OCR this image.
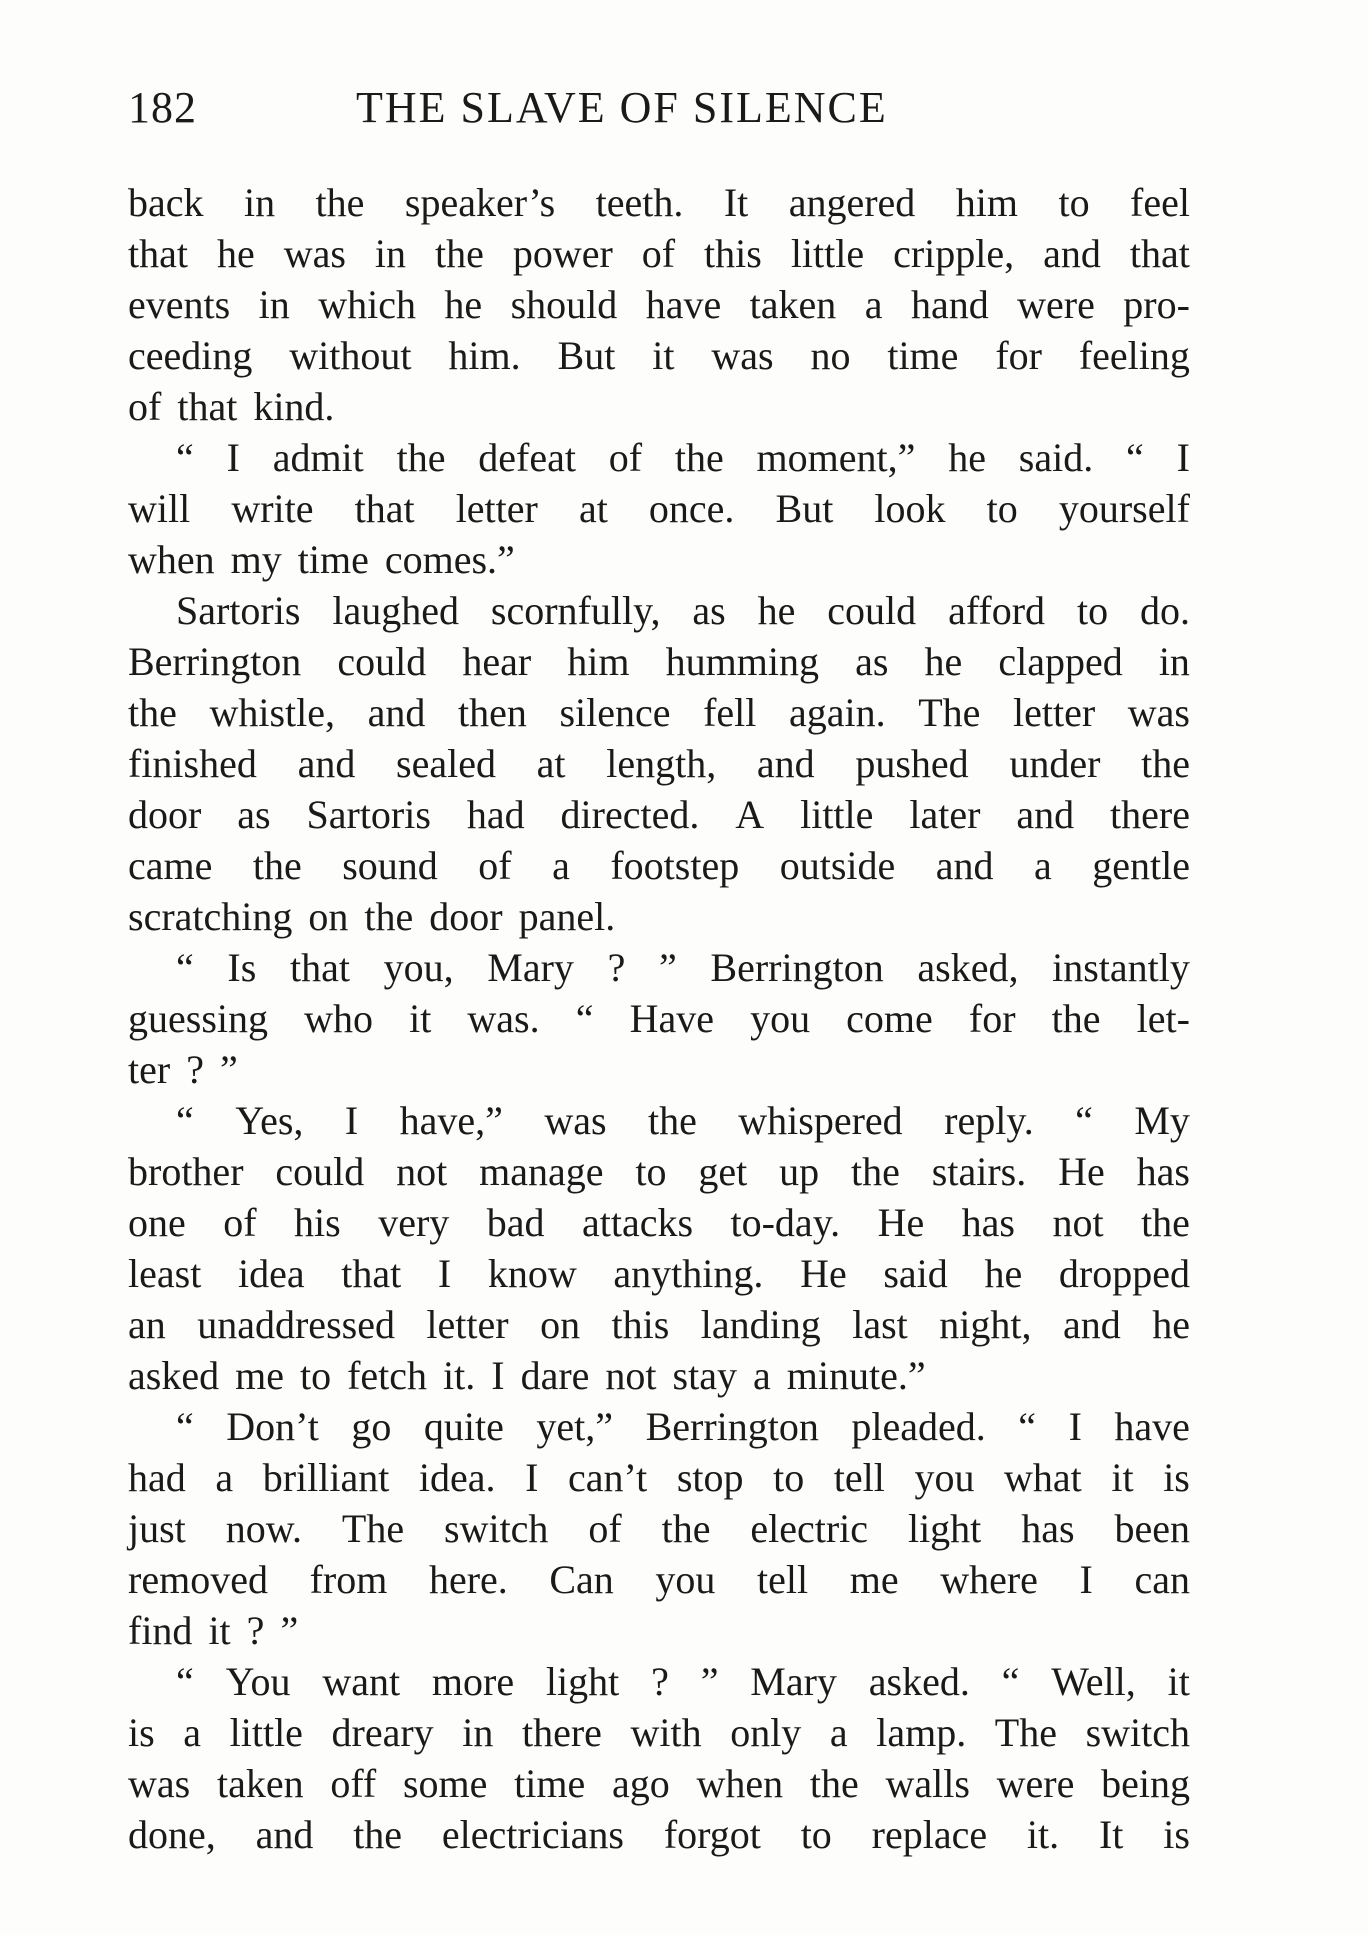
182	THE SLAVE OF SILENCE
back in the speaker’s teeth. It angered him to feel
that he was in the power of this little cripple, and that
events in which he should have taken a hand were pro-
ceeding without him. But it was no time for feeling
of that kind.
“ I admit the defeat of the moment,” he said. “ I
will write that letter at once. But look to yourself
when my time comes.”
Sartoris laughed scornfully, as he could afford to do.
Berrington could hear him humming as he clapped in
the whistle, and then silence fell again. The letter was
finished and sealed at length, and pushed under the
door as Sartoris had directed. A little later and there
came the sound of a footstep outside and a gentle
scratching on the door panel.
“ Is that you, Mary ? ” Berrington asked, instantly
guessing who it was. “ Have you come for the let-
ter ? ”
“ Yes, I have,” was the whispered reply. “ My
brother could not manage to get up the stairs. He has
one of his very bad attacks to-day. He has not the
least idea that I know anything. He said he dropped
an unaddressed letter on this landing last night, and he
asked me to fetch it. I dare not stay a minute.”
“ Don’t go quite yet,” Berrington pleaded. “ I have
had a brilliant idea. I can’t stop to tell you what it is
just now. The switch of the electric light has been
removed from here. Can you tell me where I can
find it ? ”
“ You want more light ? ” Mary asked. “ Well, it
is a little dreary in there with only a lamp. The switch
was taken off some time ago when the walls were being
done, and the electricians forgot to replace it. It is
